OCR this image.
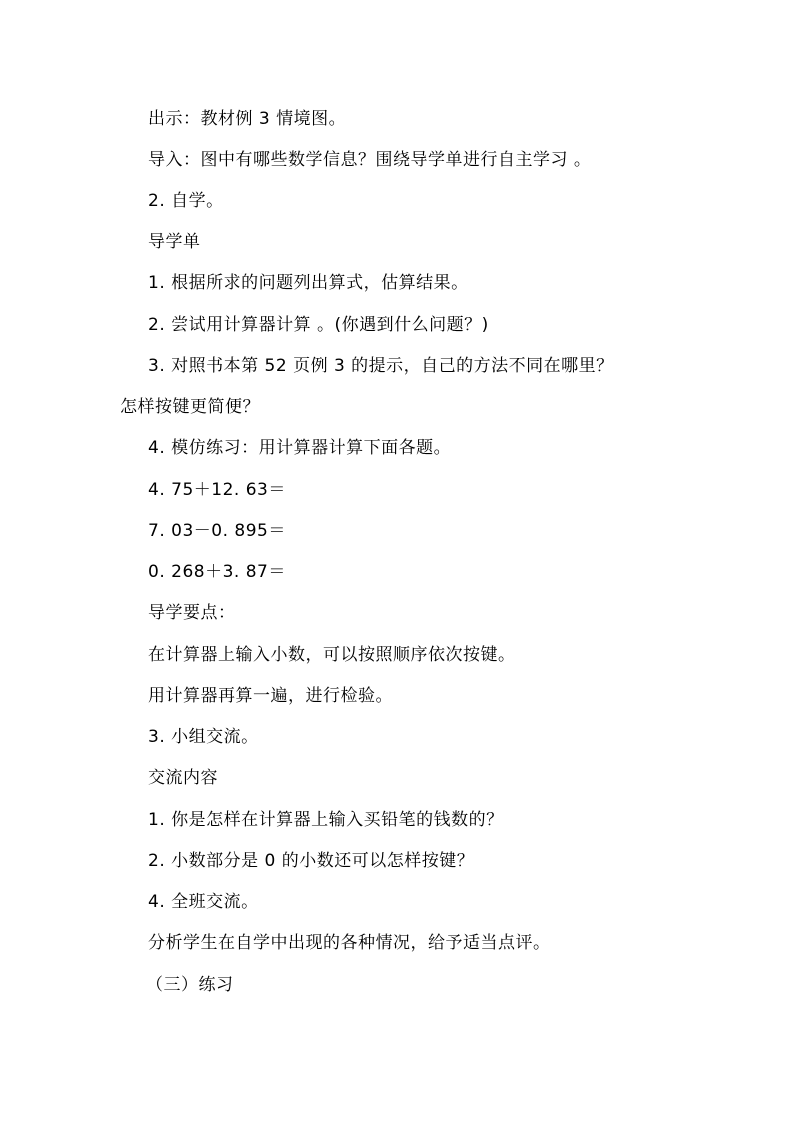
出示：教材例 3 情境图。
导入：图中有哪些数学信息？围绕导学单进行自主学习 。
2. 自学。
导学单
1. 根据所求的问题列出算式，估算结果。
2. 尝试用计算器计算 。(你遇到什么问题？)
3. 对照书本第 52 页例 3 的提示，自己的方法不同在哪里？
怎样按键更简便？
4. 模仿练习：用计算器计算下面各题。
4. 75＋12. 63＝
7. 03－0. 895＝
0. 268＋3. 87＝
导学要点：
在计算器上输入小数，可以按照顺序依次按键。
用计算器再算一遍，进行检验。
3. 小组交流。
交流内容
1. 你是怎样在计算器上输入买铅笔的钱数的？
2. 小数部分是 0 的小数还可以怎样按键？
4. 全班交流。
分析学生在自学中出现的各种情况，给予适当点评。
（三）练习
